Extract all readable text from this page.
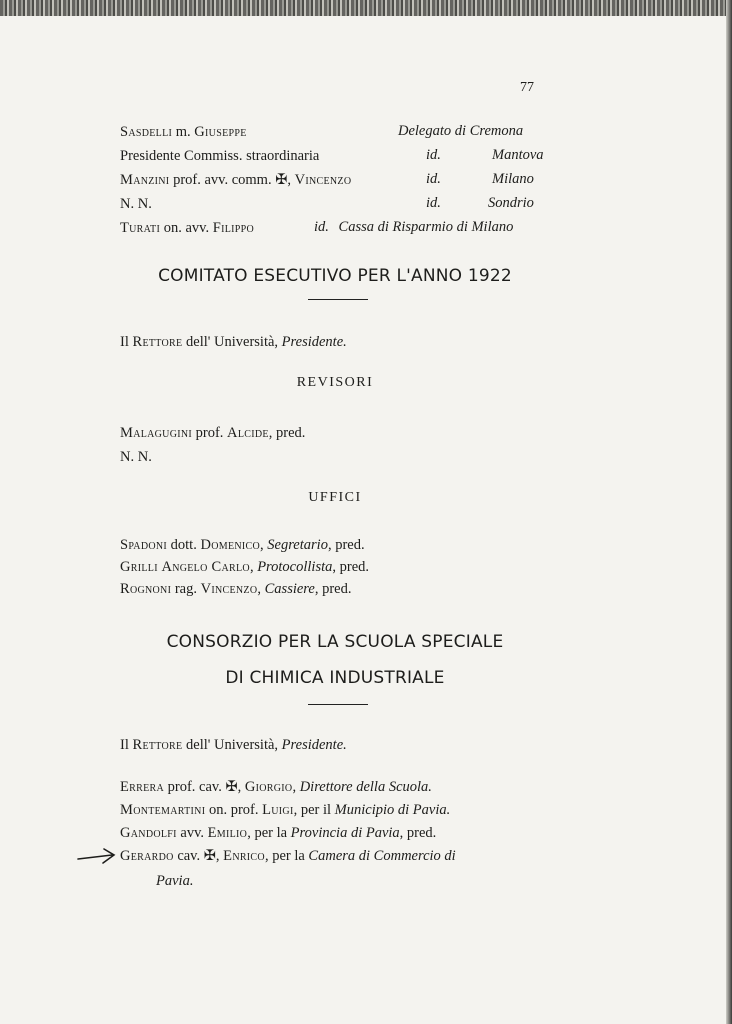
77
Sasdelli m. Giuseppe	Delegato di Cremona
Presidente Commiss. straordinaria	id.	Mantova
Manzini prof. avv. comm. ✠, Vincenzo	id.	Milano
N. N.	id.	Sondrio
Turati on. avv. Filippo	id. Cassa di Risparmio di Milano
COMITATO ESECUTIVO PER L'ANNO 1922
Il Rettore dell' Università, Presidente.
REVISORI
Malagugini prof. Alcide, pred.
N. N.
UFFICI
Spadoni dott. Domenico, Segretario, pred.
Grilli Angelo Carlo, Protocollista, pred.
Rognoni rag. Vincenzo, Cassiere, pred.
CONSORZIO PER LA SCUOLA SPECIALE
DI CHIMICA INDUSTRIALE
Il Rettore dell' Università, Presidente.
Errera prof. cav. ✠, Giorgio, Direttore della Scuola.
Montemartini on. prof. Luigi, per il Municipio di Pavia.
Gandolfi avv. Emilio, per la Provincia di Pavia, pred.
Gerardo cav. ✠, Enrico, per la Camera di Commercio di
Pavia.
